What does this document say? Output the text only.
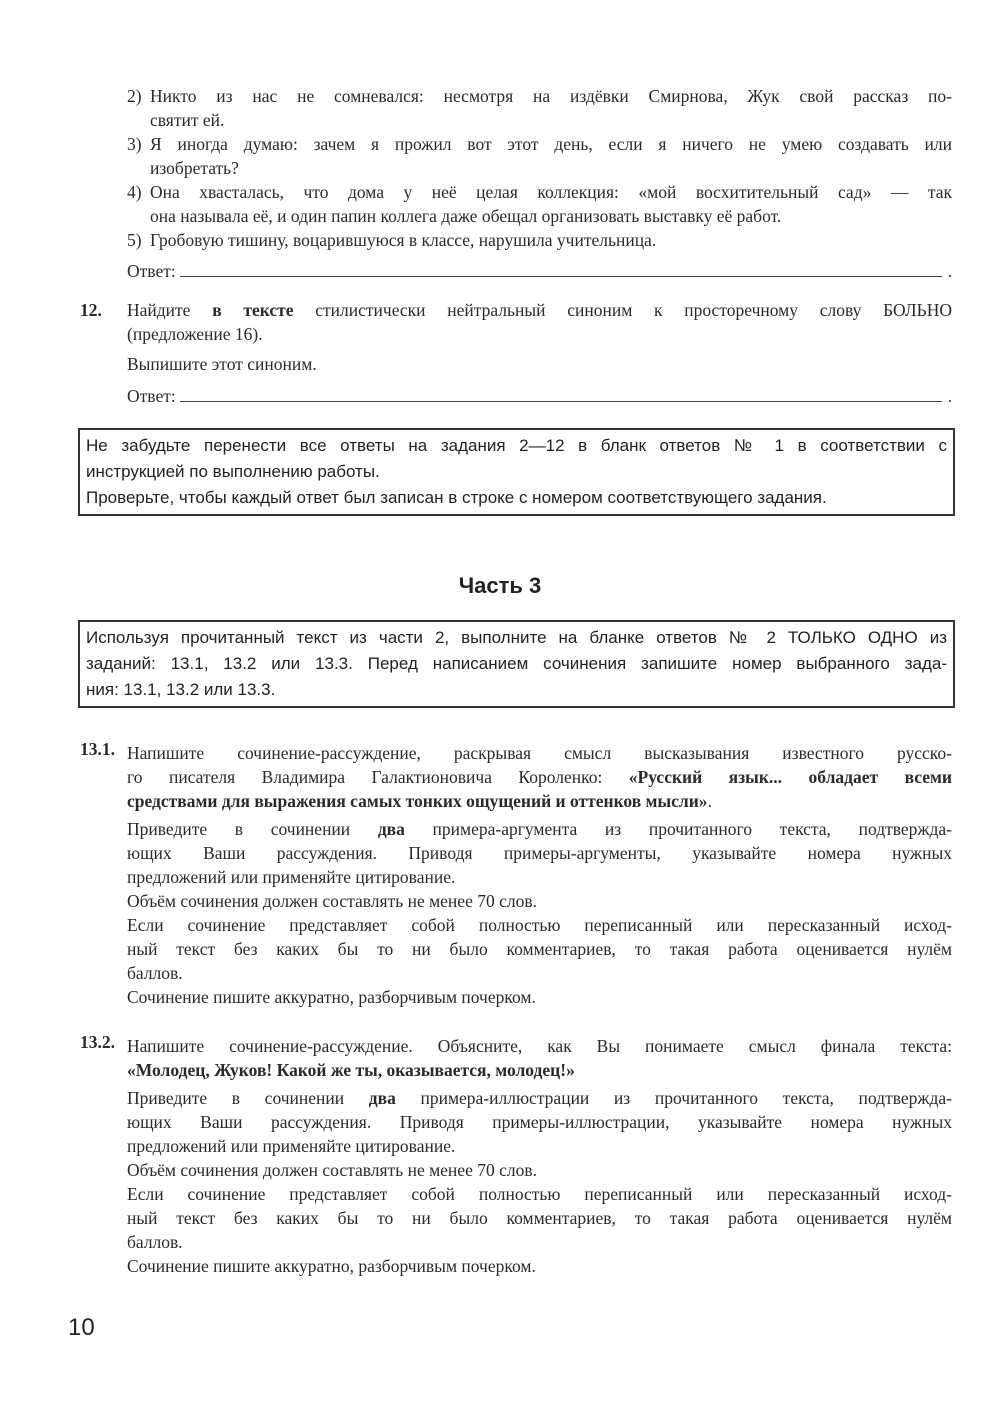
2) Никто из нас не сомневался: несмотря на издёвки Смирнова, Жук свой рассказ по-
святит ей.
3) Я иногда думаю: зачем я прожил вот этот день, если я ничего не умею создавать или
изобретать?
4) Она хвасталась, что дома у неё целая коллекция: «мой восхитительный сад» — так
она называла её, и один папин коллега даже обещал организовать выставку её работ.
5) Гробовую тишину, воцарившуюся в классе, нарушила учительница.
Ответ:	.
12. Найдите в тексте стилистически нейтральный синоним к просторечному слову БОЛЬНО
(предложение 16).
Выпишите этот синоним.
Ответ:	.
Не забудьте перенести все ответы на задания 2—12 в бланк ответов № 1 в соответствии с
инструкцией по выполнению работы.
Проверьте, чтобы каждый ответ был записан в строке с номером соответствующего задания.
Часть 3
Используя прочитанный текст из части 2, выполните на бланке ответов № 2 ТОЛЬКО ОДНО из
заданий: 13.1, 13.2 или 13.3. Перед написанием сочинения запишите номер выбранного зада-
ния: 13.1, 13.2 или 13.3.
13.1. Напишите сочинение-рассуждение, раскрывая смысл высказывания известного русско-
го писателя Владимира Галактионовича Короленко: «Русский язык... обладает всеми
средствами для выражения самых тонких ощущений и оттенков мысли».
Приведите в сочинении два примера-аргумента из прочитанного текста, подтвержда-
ющих Ваши рассуждения. Приводя примеры-аргументы, указывайте номера нужных
предложений или применяйте цитирование.
Объём сочинения должен составлять не менее 70 слов.
Если сочинение представляет собой полностью переписанный или пересказанный исход-
ный текст без каких бы то ни было комментариев, то такая работа оценивается нулём
баллов.
Сочинение пишите аккуратно, разборчивым почерком.
13.2. Напишите сочинение-рассуждение. Объясните, как Вы понимаете смысл финала текста:
«Молодец, Жуков! Какой же ты, оказывается, молодец!»
Приведите в сочинении два примера-иллюстрации из прочитанного текста, подтвержда-
ющих Ваши рассуждения. Приводя примеры-иллюстрации, указывайте номера нужных
предложений или применяйте цитирование.
Объём сочинения должен составлять не менее 70 слов.
Если сочинение представляет собой полностью переписанный или пересказанный исход-
ный текст без каких бы то ни было комментариев, то такая работа оценивается нулём
баллов.
Сочинение пишите аккуратно, разборчивым почерком.
10
